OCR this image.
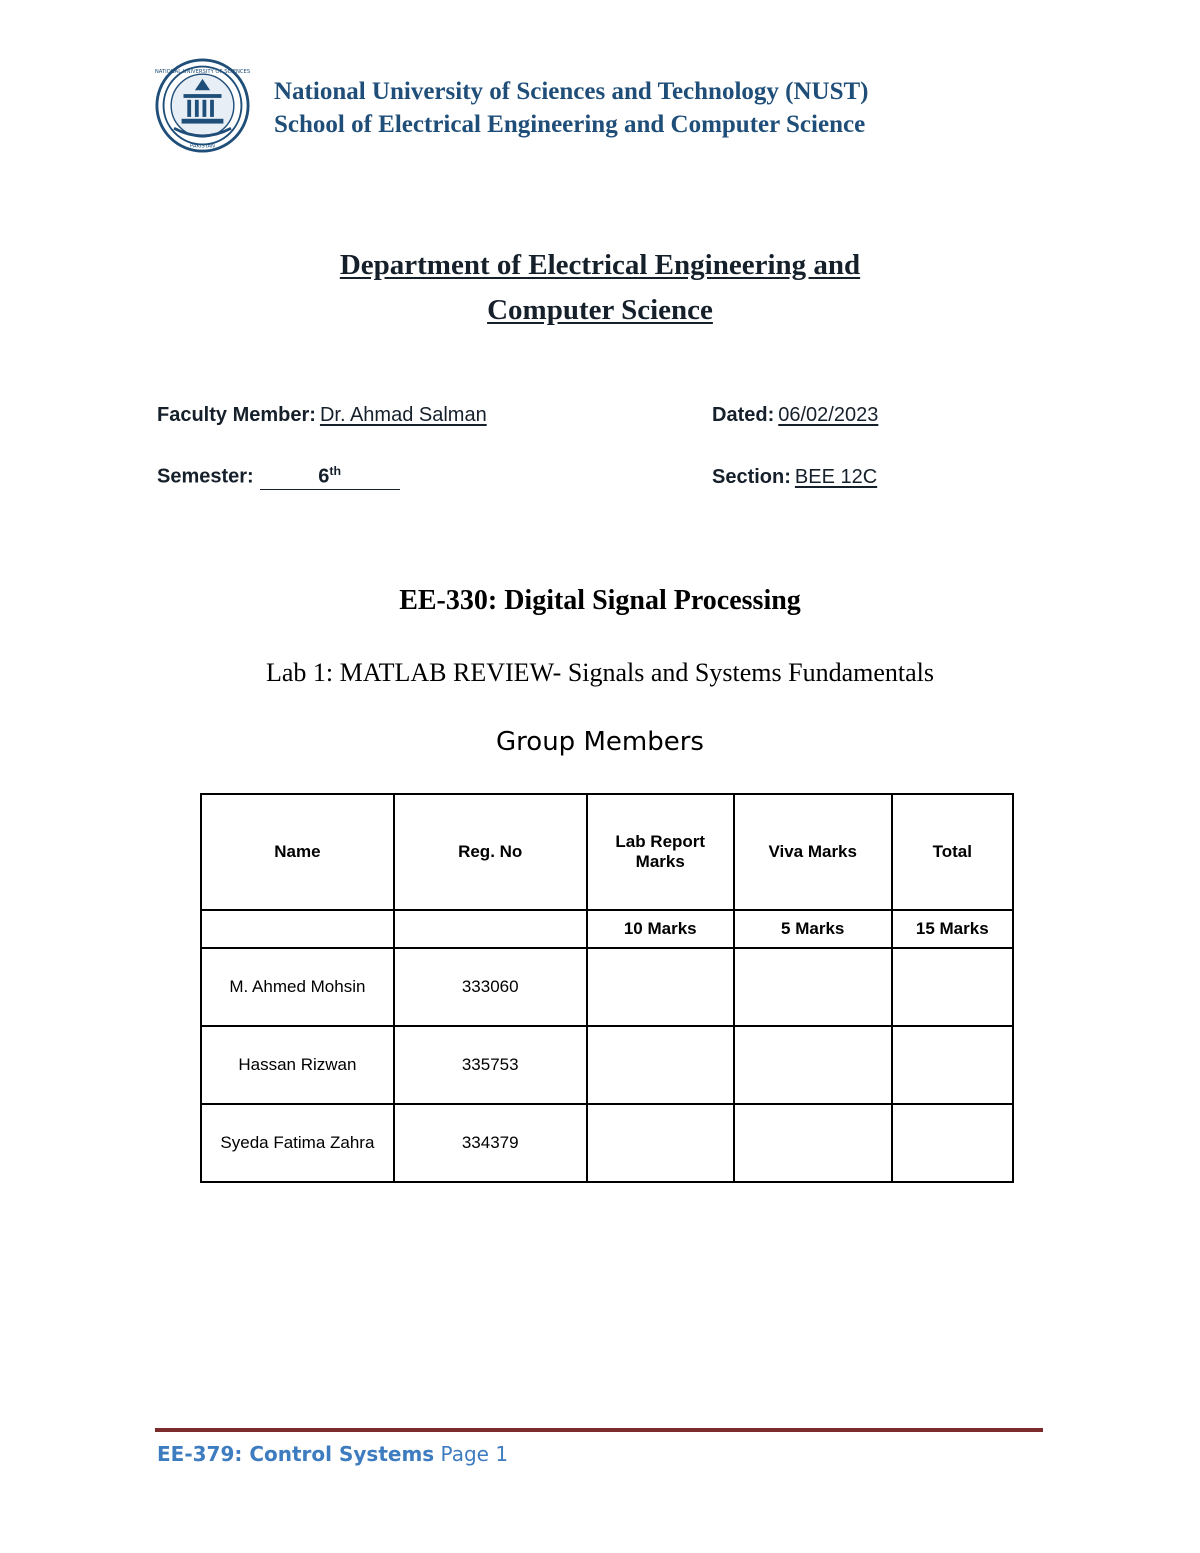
NATIONAL UNIVERSITY OF SCIENCES
PAKISTAN
National University of Sciences and Technology (NUST)
School of Electrical Engineering and Computer Science
Department of Electrical Engineering and
Computer Science
Faculty Member: Dr. Ahmad Salman	Dated: 06/02/2023
Semester:	6th	Section: BEE 12C
EE-330: Digital Signal Processing
Lab 1: MATLAB REVIEW- Signals and Systems Fundamentals
Group Members
Name	Reg. No	Lab Report Marks	Viva Marks	Total
		10 Marks	5 Marks	15 Marks
M. Ahmed Mohsin	333060			
Hassan Rizwan	335753			
Syeda Fatima Zahra	334379			
EE-379: Control Systems Page 1
